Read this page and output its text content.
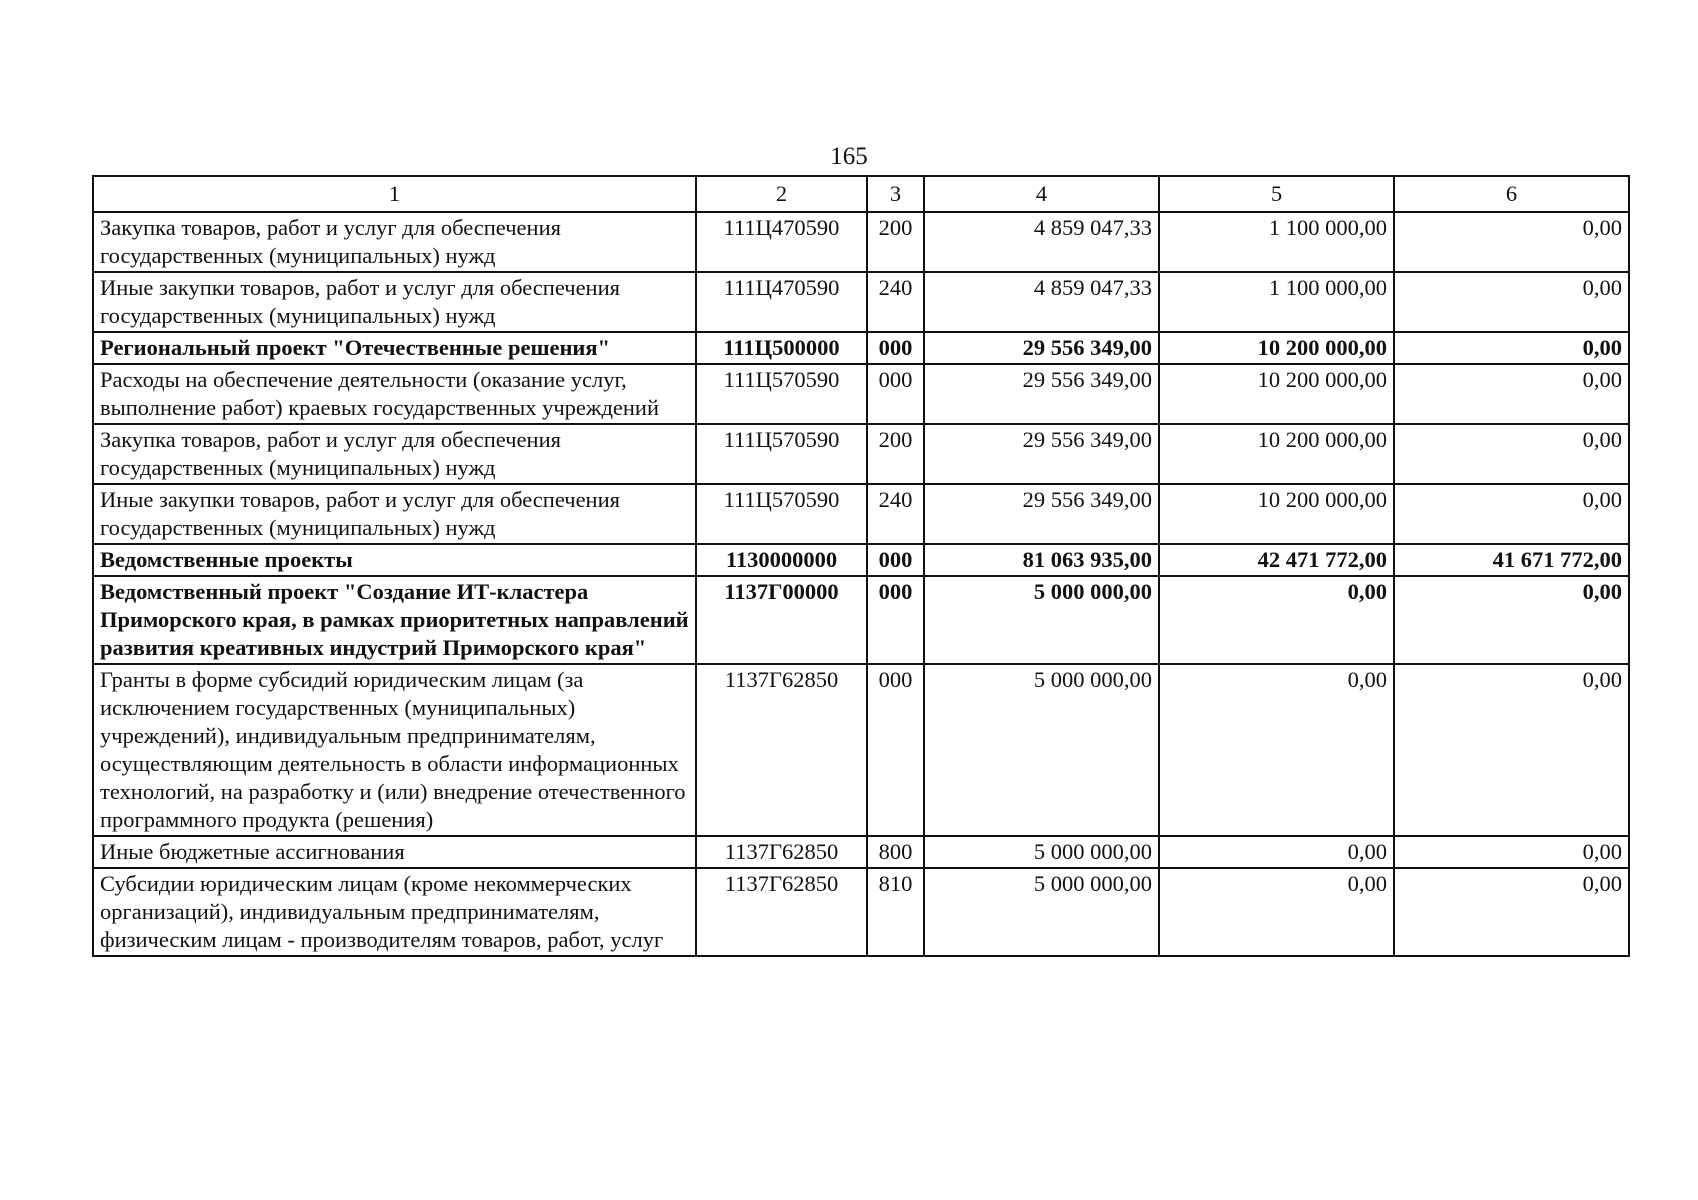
165
1	2	3	4	5	6
Закупка товаров, работ и услуг для обеспечения государственных (муниципальных) нужд	111Ц470590	200	4 859 047,33	1 100 000,00	0,00
Иные закупки товаров, работ и услуг для обеспечения государственных (муниципальных) нужд	111Ц470590	240	4 859 047,33	1 100 000,00	0,00
Региональный проект "Отечественные решения"	111Ц500000	000	29 556 349,00	10 200 000,00	0,00
Расходы на обеспечение деятельности (оказание услуг, выполнение работ) краевых государственных учреждений	111Ц570590	000	29 556 349,00	10 200 000,00	0,00
Закупка товаров, работ и услуг для обеспечения государственных (муниципальных) нужд	111Ц570590	200	29 556 349,00	10 200 000,00	0,00
Иные закупки товаров, работ и услуг для обеспечения государственных (муниципальных) нужд	111Ц570590	240	29 556 349,00	10 200 000,00	0,00
Ведомственные проекты	1130000000	000	81 063 935,00	42 471 772,00	41 671 772,00
Ведомственный проект "Создание ИТ-кластера Приморского края, в рамках приоритетных направлений развития креативных индустрий Приморского края"	1137Г00000	000	5 000 000,00	0,00	0,00
Гранты в форме субсидий юридическим лицам (за исключением государственных (муниципальных) учреждений), индивидуальным предпринимателям, осуществляющим деятельность в области информационных технологий, на разработку и (или) внедрение отечественного программного продукта (решения)	1137Г62850	000	5 000 000,00	0,00	0,00
Иные бюджетные ассигнования	1137Г62850	800	5 000 000,00	0,00	0,00
Субсидии юридическим лицам (кроме некоммерческих организаций), индивидуальным предпринимателям, физическим лицам - производителям товаров, работ, услуг	1137Г62850	810	5 000 000,00	0,00	0,00
